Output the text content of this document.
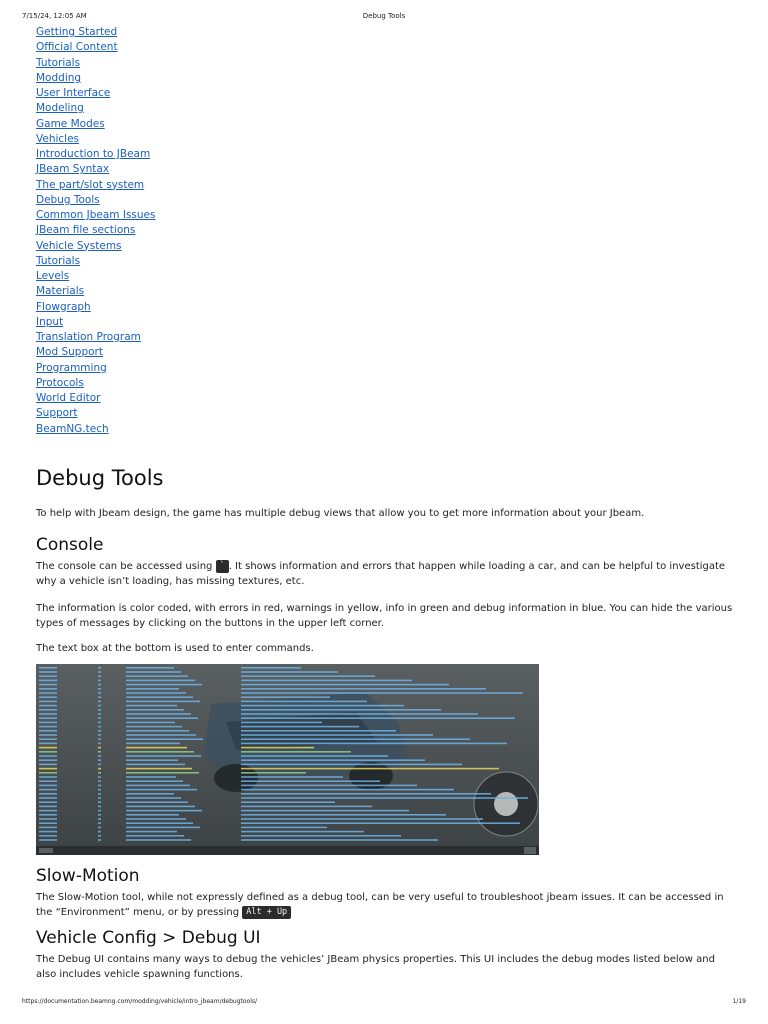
7/15/24, 12:05 AM	Debug Tools
Getting Started
Official Content
Tutorials
Modding
User Interface
Modeling
Game Modes
Vehicles
Introduction to JBeam
JBeam Syntax
The part/slot system
Debug Tools
Common Jbeam Issues
JBeam file sections
Vehicle Systems
Tutorials
Levels
Materials
Flowgraph
Input
Translation Program
Mod Support
Programming
Protocols
World Editor
Support
BeamNG.tech
Debug Tools

To help with Jbeam design, the game has multiple debug views that allow you to get more information about your Jbeam.

Console

The console can be accessed using ` . It shows information and errors that happen while loading a car, and can be helpful to investigate why a vehicle isn’t loading, has missing textures, etc.

The information is color coded, with errors in red, warnings in yellow, info in green and debug information in blue. You can hide the various types of messages by clicking on the buttons in the upper left corner.

The text box at the bottom is used to enter commands.

Slow-Motion

The Slow-Motion tool, while not expressly defined as a debug tool, can be very useful to troubleshoot jbeam issues. It can be accessed in the “Environment” menu, or by pressing Alt + Up

Vehicle Config > Debug UI

The Debug UI contains many ways to debug the vehicles’ JBeam physics properties. This UI includes the debug modes listed below and also includes vehicle spawning functions.

https://documentation.beamng.com/modding/vehicle/intro_jbeam/debugtools/	1/19
